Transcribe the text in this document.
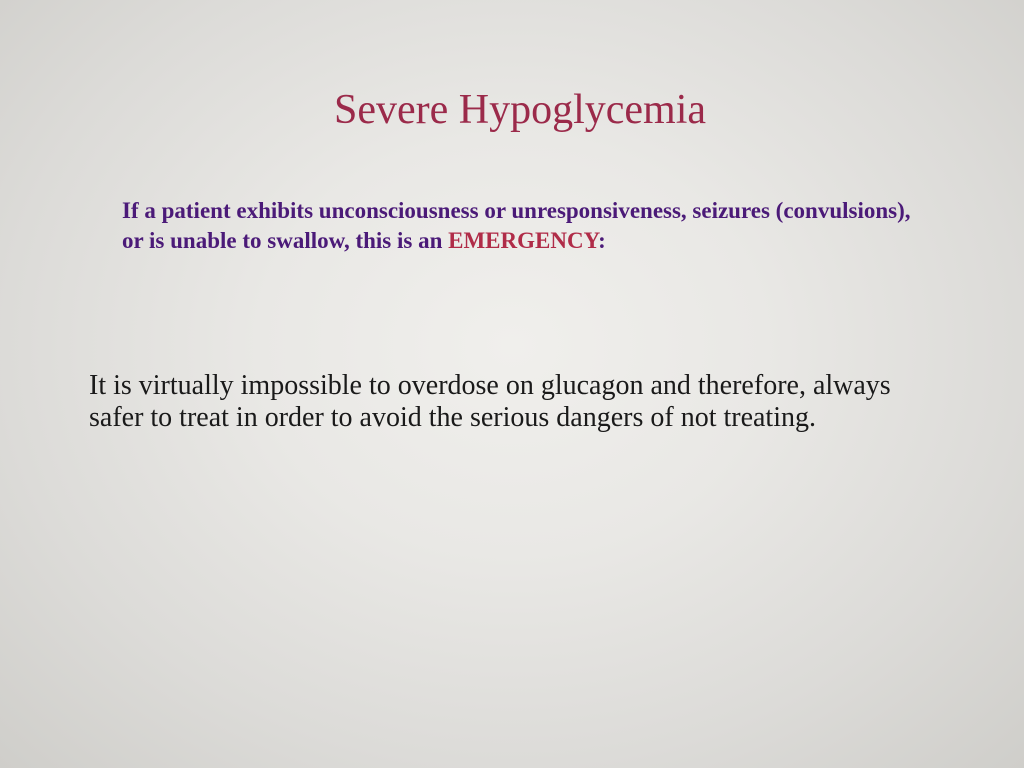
Severe Hypoglycemia

If a patient exhibits unconsciousness or unresponsiveness, seizures (convulsions), or is unable to swallow, this is an EMERGENCY:

It is virtually impossible to overdose on glucagon and therefore, always safer to treat in order to avoid the serious dangers of not treating.
